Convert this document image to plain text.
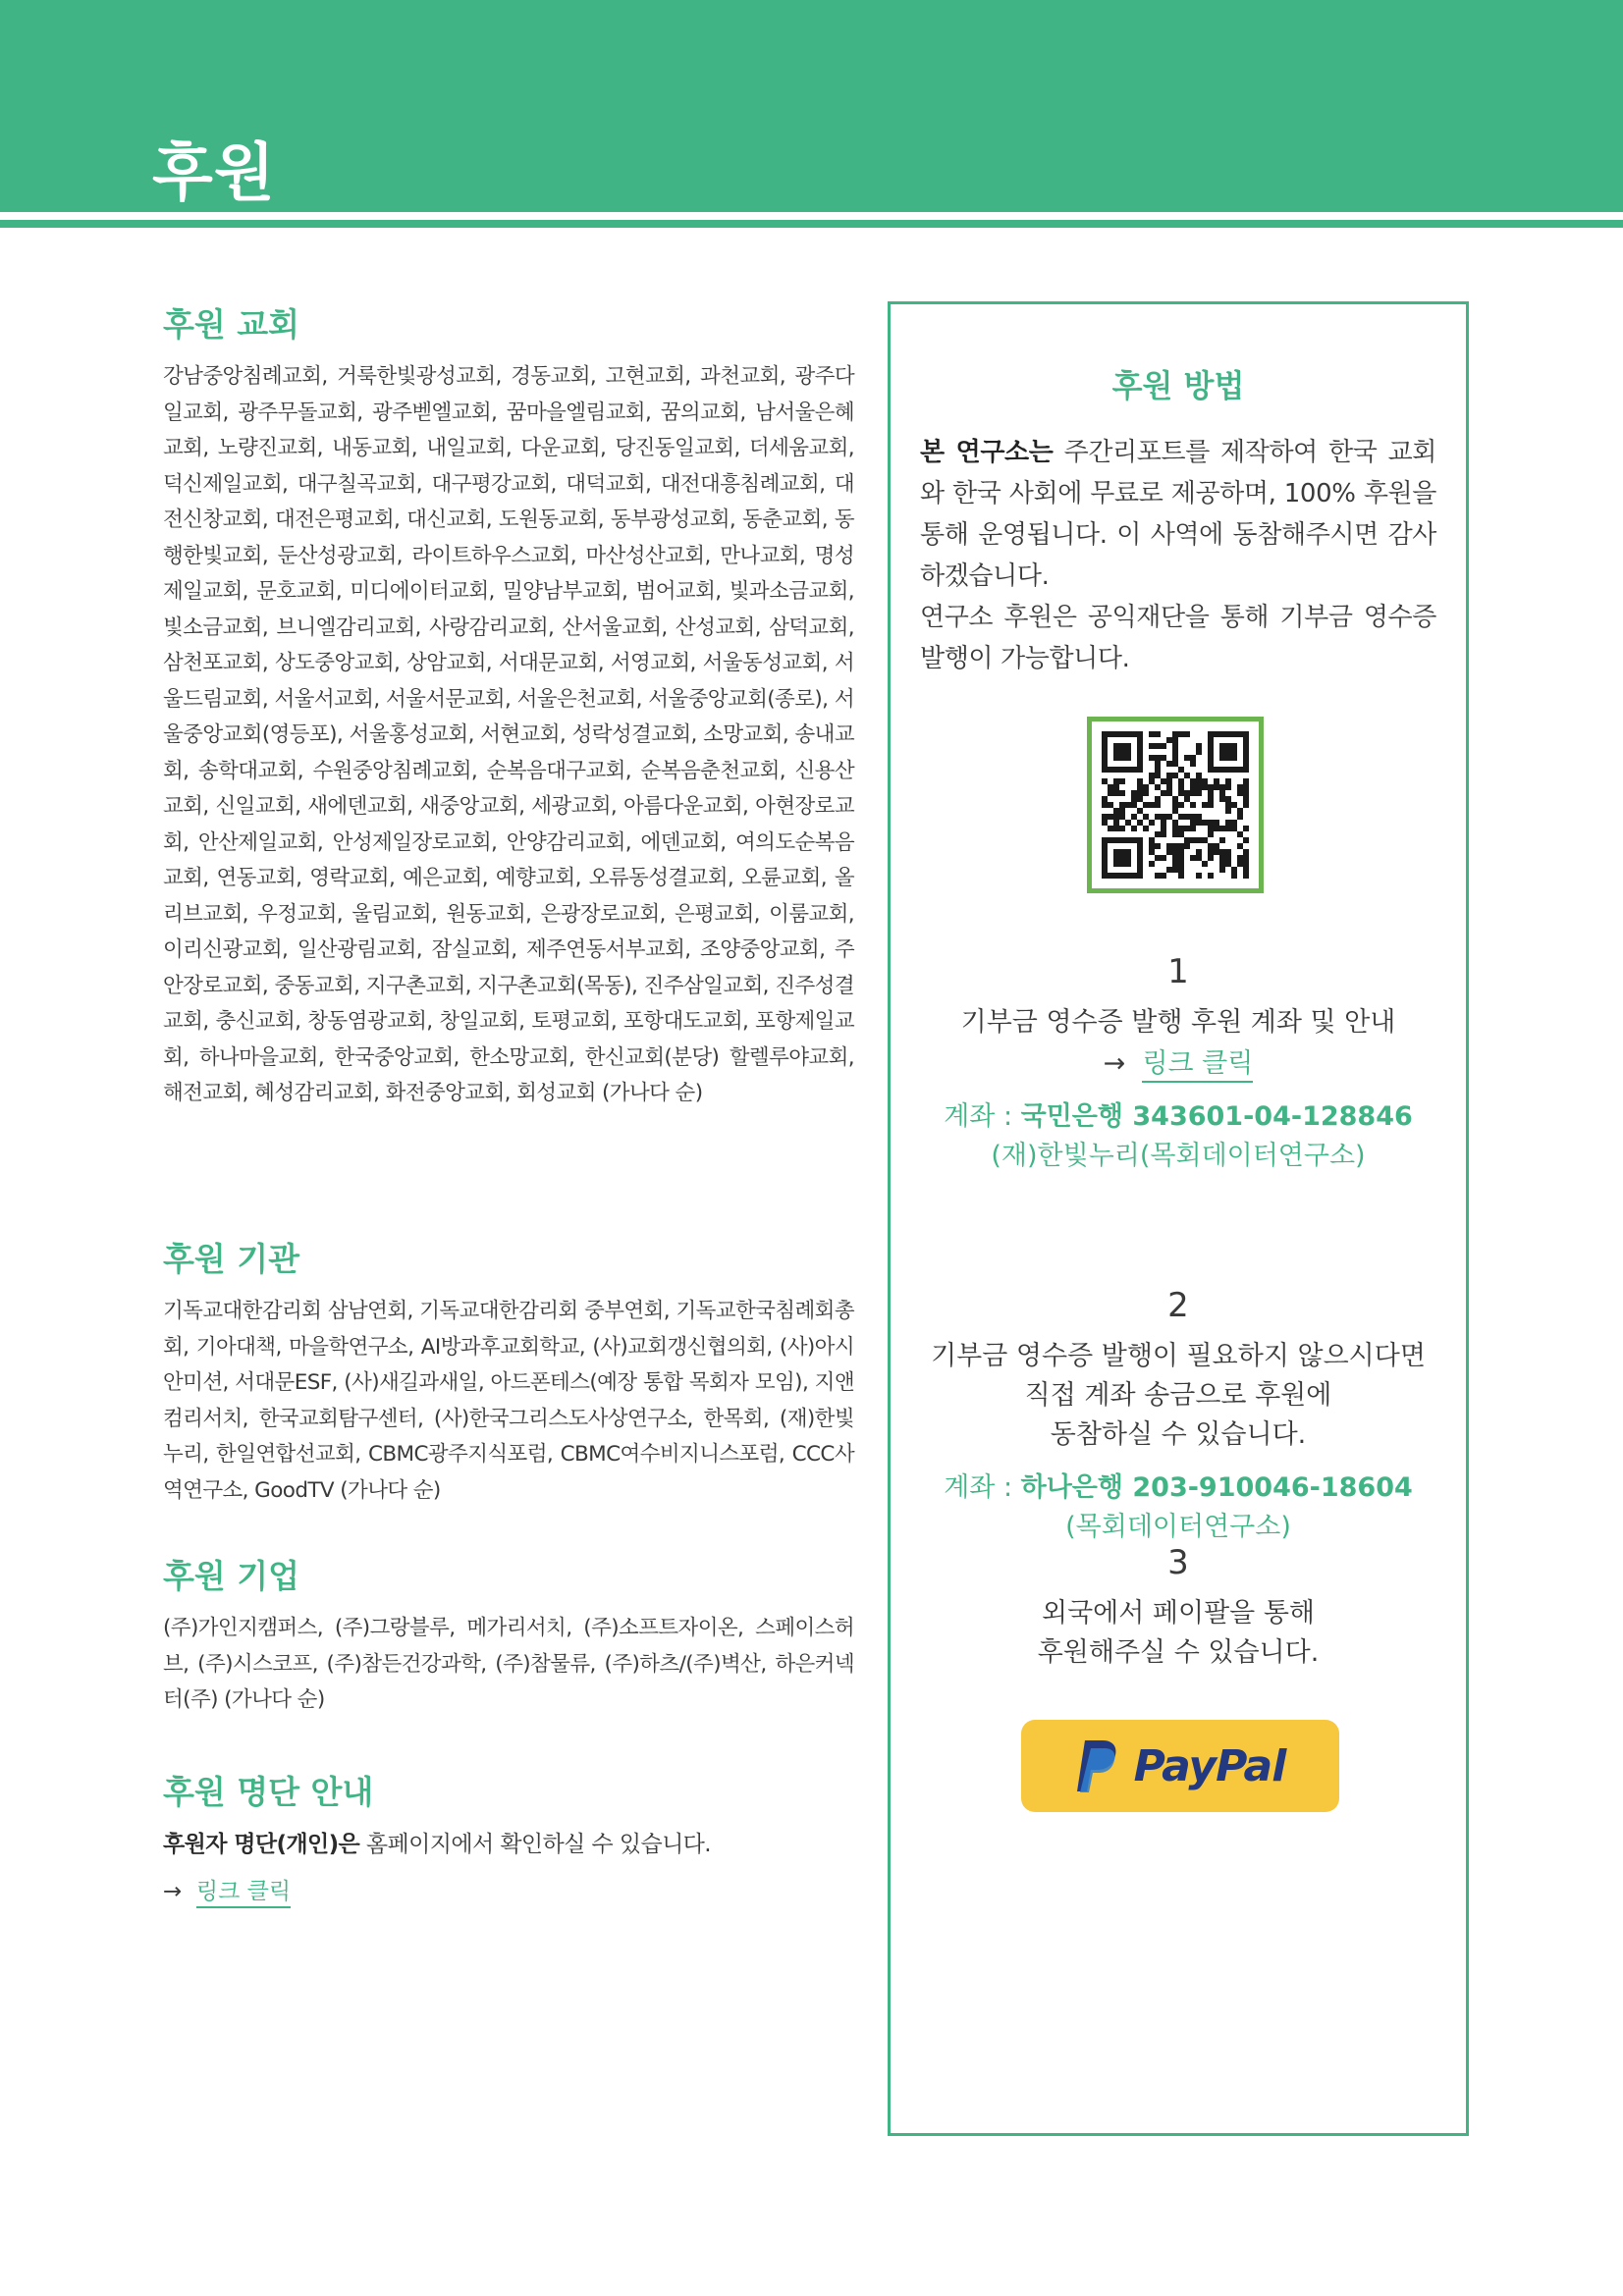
후원
후원 교회

강남중앙침례교회, 거룩한빛광성교회, 경동교회, 고현교회, 과천교회, 광주다일교회, 광주무돌교회, 광주벧엘교회, 꿈마을엘림교회, 꿈의교회, 남서울은혜교회, 노량진교회, 내동교회, 내일교회, 다운교회, 당진동일교회, 더세움교회, 덕신제일교회, 대구칠곡교회, 대구평강교회, 대덕교회, 대전대흥침례교회, 대전신창교회, 대전은평교회, 대신교회, 도원동교회, 동부광성교회, 동춘교회, 동행한빛교회, 둔산성광교회, 라이트하우스교회, 마산성산교회, 만나교회, 명성제일교회, 문호교회, 미디에이터교회, 밀양남부교회, 범어교회, 빛과소금교회, 빛소금교회, 브니엘감리교회, 사랑감리교회, 산서울교회, 산성교회, 삼덕교회, 삼천포교회, 상도중앙교회, 상암교회, 서대문교회, 서영교회, 서울동성교회, 서울드림교회, 서울서교회, 서울서문교회, 서울은천교회, 서울중앙교회(종로), 서울중앙교회(영등포), 서울홍성교회, 서현교회, 성락성결교회, 소망교회, 송내교회, 송학대교회, 수원중앙침례교회, 순복음대구교회, 순복음춘천교회, 신용산교회, 신일교회, 새에덴교회, 새중앙교회, 세광교회, 아름다운교회, 아현장로교회, 안산제일교회, 안성제일장로교회, 안양감리교회, 에덴교회, 여의도순복음교회, 연동교회, 영락교회, 예은교회, 예향교회, 오류동성결교회, 오륜교회, 올리브교회, 우정교회, 울림교회, 원동교회, 은광장로교회, 은평교회, 이룸교회, 이리신광교회, 일산광림교회, 잠실교회, 제주연동서부교회, 조양중앙교회, 주안장로교회, 중동교회, 지구촌교회, 지구촌교회(목동), 진주삼일교회, 진주성결교회, 충신교회, 창동염광교회, 창일교회, 토평교회, 포항대도교회, 포항제일교회, 하나마을교회, 한국중앙교회, 한소망교회, 한신교회(분당) 할렐루야교회, 해전교회, 혜성감리교회, 화전중앙교회, 회성교회 (가나다 순)

후원 기관

기독교대한감리회 삼남연회, 기독교대한감리회 중부연회, 기독교한국침례회총회, 기아대책, 마을학연구소, AI방과후교회학교, (사)교회갱신협의회, (사)아시안미션, 서대문ESF, (사)새길과새일, 아드폰테스(예장 통합 목회자 모임), 지앤컴리서치, 한국교회탐구센터, (사)한국그리스도사상연구소, 한목회, (재)한빛누리, 한일연합선교회, CBMC광주지식포럼, CBMC여수비지니스포럼, CCC사역연구소, GoodTV (가나다 순)

후원 기업

(주)가인지캠퍼스, (주)그랑블루, 메가리서치, (주)소프트자이온, 스페이스허브, (주)시스코프, (주)참든건강과학, (주)참물류, (주)하츠/(주)벽산, 하은커넥터(주) (가나다 순)

후원 명단 안내

후원자 명단(개인)은 홈페이지에서 확인하실 수 있습니다.

→ 링크 클릭
후원 방법
본 연구소는 주간리포트를 제작하여 한국 교회와 한국 사회에 무료로 제공하며, 100% 후원을 통해 운영됩니다. 이 사역에 동참해주시면 감사하겠습니다.
연구소 후원은 공익재단을 통해 기부금 영수증 발행이 가능합니다.
1
기부금 영수증 발행 후원 계좌 및 안내
→ 링크 클릭
계좌 : 국민은행 343601-04-128846
(재)한빛누리(목회데이터연구소)
2
기부금 영수증 발행이 필요하지 않으시다면
직접 계좌 송금으로 후원에
동참하실 수 있습니다.
계좌 : 하나은행 203-910046-18604
(목회데이터연구소)
3
외국에서 페이팔을 통해
후원해주실 수 있습니다.
PayPal
